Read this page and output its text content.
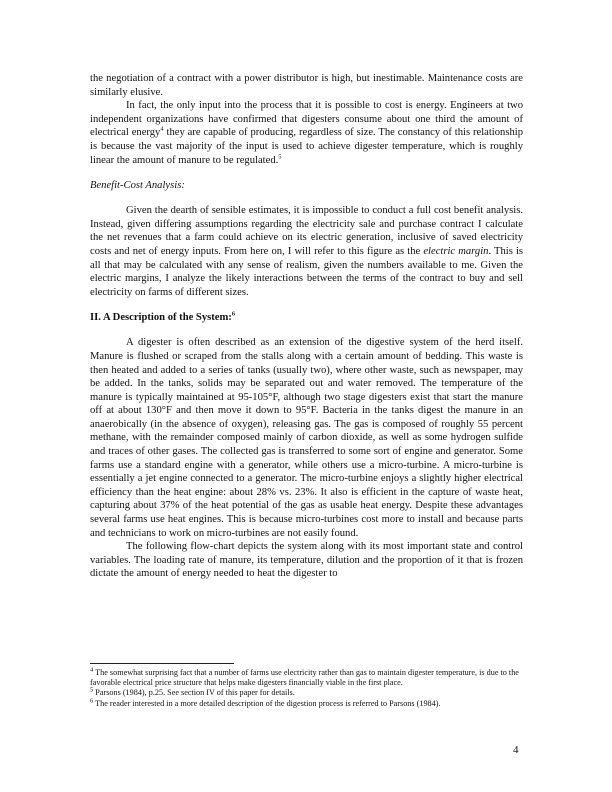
the negotiation of a contract with a power distributor is high, but inestimable. Maintenance costs are similarly elusive.

In fact, the only input into the process that it is possible to cost is energy. Engineers at two independent organizations have confirmed that digesters consume about one third the amount of electrical energy$^4$ they are capable of producing, regardless of size. The constancy of this relationship is because the vast majority of the input is used to achieve digester temperature, which is roughly linear the amount of manure to be regulated.$^5$

Benefit-Cost Analysis:

Given the dearth of sensible estimates, it is impossible to conduct a full cost benefit analysis. Instead, given differing assumptions regarding the electricity sale and purchase contract I calculate the net revenues that a farm could achieve on its electric generation, inclusive of saved electricity costs and net of energy inputs. From here on, I will refer to this figure as the electric margin. This is all that may be calculated with any sense of realism, given the numbers available to me. Given the electric margins, I analyze the likely interactions between the terms of the contract to buy and sell electricity on farms of different sizes.

II. A Description of the System:$^6$

A digester is often described as an extension of the digestive system of the herd itself. Manure is flushed or scraped from the stalls along with a certain amount of bedding. This waste is then heated and added to a series of tanks (usually two), where other waste, such as newspaper, may be added. In the tanks, solids may be separated out and water removed. The temperature of the manure is typically maintained at 95-105°F, although two stage digesters exist that start the manure off at about 130°F and then move it down to 95°F. Bacteria in the tanks digest the manure in an anaerobically (in the absence of oxygen), releasing gas. The gas is composed of roughly 55 percent methane, with the remainder composed mainly of carbon dioxide, as well as some hydrogen sulfide and traces of other gases. The collected gas is transferred to some sort of engine and generator. Some farms use a standard engine with a generator, while others use a micro-turbine. A micro-turbine is essentially a jet engine connected to a generator. The micro-turbine enjoys a slightly higher electrical efficiency than the heat engine: about 28% vs. 23%. It also is efficient in the capture of waste heat, capturing about 37% of the heat potential of the gas as usable heat energy. Despite these advantages several farms use heat engines. This is because micro-turbines cost more to install and because parts and technicians to work on micro-turbines are not easily found.

The following flow-chart depicts the system along with its most important state and control variables. The loading rate of manure, its temperature, dilution and the proportion of it that is frozen dictate the amount of energy needed to heat the digester to

$^4$ The somewhat surprising fact that a number of farms use electricity rather than gas to maintain digester temperature, is due to the favorable electrical price structure that helps make digesters financially viable in the first place.

$^5$ Parsons (1984), p.25. See section IV of this paper for details.

$^6$ The reader interested in a more detailed description of the digestion process is referred to Parsons (1984).

4
